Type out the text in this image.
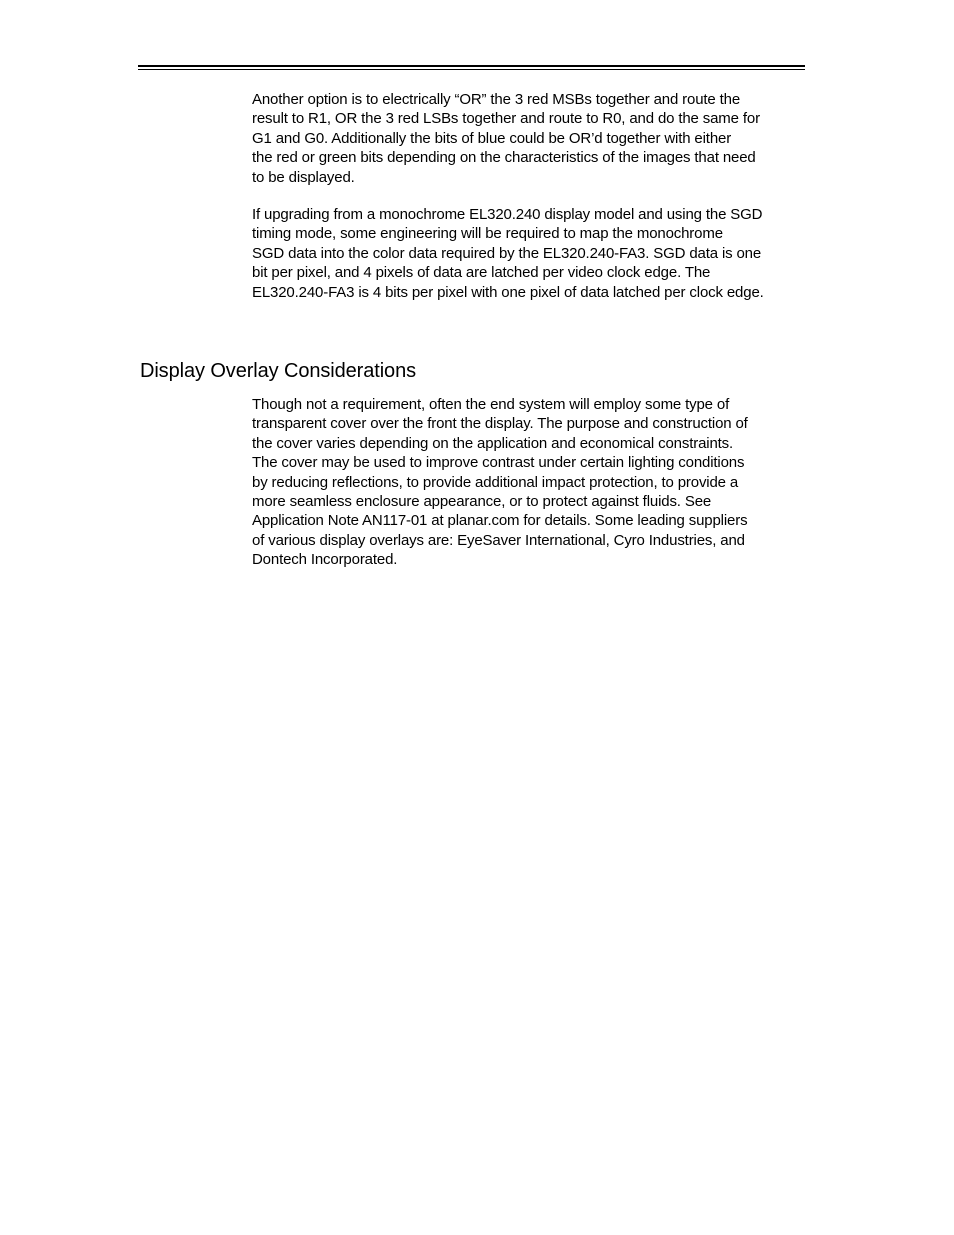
Another option is to electrically “OR” the 3 red MSBs together and route the
result to R1, OR the 3 red LSBs together and route to R0, and do the same for
G1 and G0. Additionally the bits of blue could be OR’d together with either
the red or green bits depending on the characteristics of the images that need
to be displayed.

If upgrading from a monochrome EL320.240 display model and using the SGD
timing mode, some engineering will be required to map the monochrome
SGD data into the color data required by the EL320.240-FA3. SGD data is one
bit per pixel, and 4 pixels of data are latched per video clock edge. The
EL320.240-FA3 is 4 bits per pixel with one pixel of data latched per clock edge.

Display Overlay Considerations

Though not a requirement, often the end system will employ some type of
transparent cover over the front the display. The purpose and construction of
the cover varies depending on the application and economical constraints.
The cover may be used to improve contrast under certain lighting conditions
by reducing reflections, to provide additional impact protection, to provide a
more seamless enclosure appearance, or to protect against fluids. See
Application Note AN117-01 at planar.com for details. Some leading suppliers
of various display overlays are: EyeSaver International, Cyro Industries, and
Dontech Incorporated.
